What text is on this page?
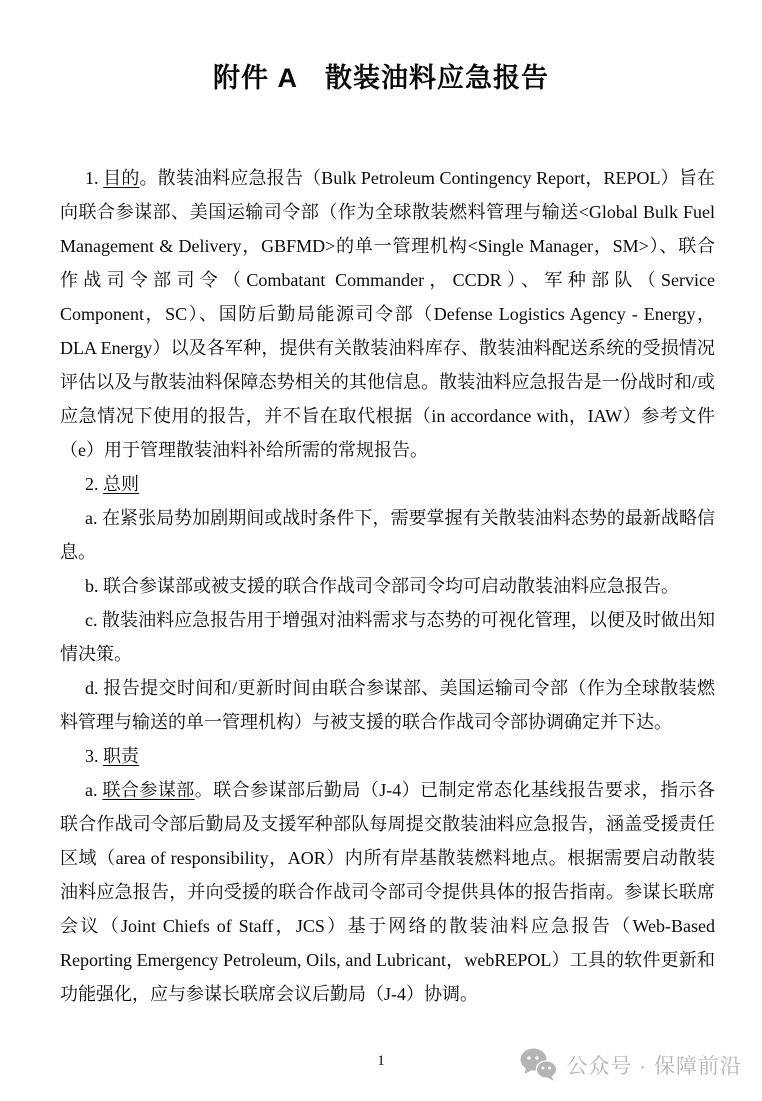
附件 A　散装油料应急报告

1. 目的。散装油料应急报告（Bulk Petroleum Contingency Report，REPOL）旨在向联合参谋部、美国运输司令部（作为全球散装燃料管理与输送<Global Bulk Fuel Management & Delivery，GBFMD>的单一管理机构<Single Manager，SM>）、联合作战司令部司令（Combatant Commander，CCDR）、军种部队（Service Component，SC）、国防后勤局能源司令部（Defense Logistics Agency - Energy，DLA Energy）以及各军种，提供有关散装油料库存、散装油料配送系统的受损情况评估以及与散装油料保障态势相关的其他信息。散装油料应急报告是一份战时和/或应急情况下使用的报告，并不旨在取代根据（in accordance with，IAW）参考文件（e）用于管理散装油料补给所需的常规报告。

2. 总则

a. 在紧张局势加剧期间或战时条件下，需要掌握有关散装油料态势的最新战略信息。

b. 联合参谋部或被支援的联合作战司令部司令均可启动散装油料应急报告。

c. 散装油料应急报告用于增强对油料需求与态势的可视化管理，以便及时做出知情决策。

d. 报告提交时间和/更新时间由联合参谋部、美国运输司令部（作为全球散装燃料管理与输送的单一管理机构）与被支援的联合作战司令部协调确定并下达。

3. 职责

a. 联合参谋部。联合参谋部后勤局（J-4）已制定常态化基线报告要求，指示各联合作战司令部后勤局及支援军种部队每周提交散装油料应急报告，涵盖受援责任区域（area of responsibility，AOR）内所有岸基散装燃料地点。根据需要启动散装油料应急报告，并向受援的联合作战司令部司令提供具体的报告指南。参谋长联席会议（Joint Chiefs of Staff，JCS）基于网络的散装油料应急报告（Web-Based Reporting Emergency Petroleum, Oils, and Lubricant，webREPOL）工具的软件更新和功能强化，应与参谋长联席会议后勤局（J-4）协调。

1	公众号 · 保障前沿
